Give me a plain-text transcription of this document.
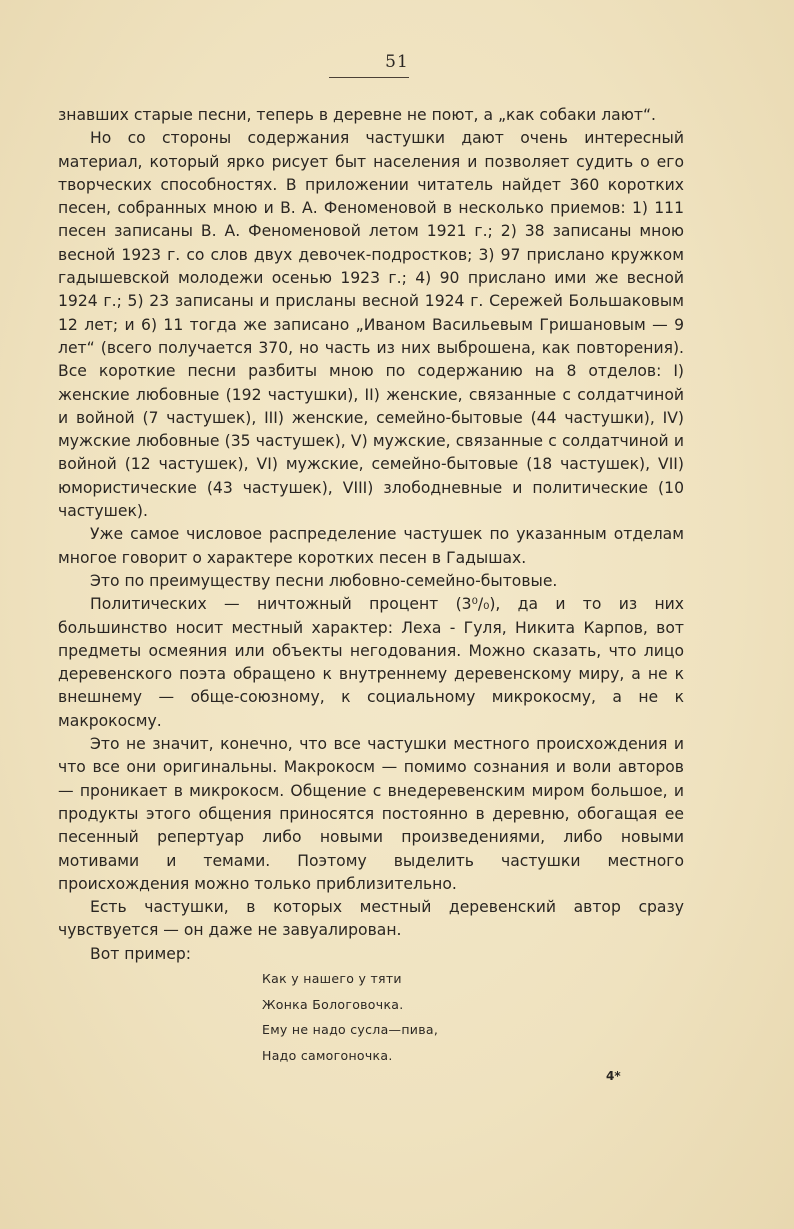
51

знавших старые песни, теперь в деревне не поют, а „как собаки лают“.

Но со стороны содержания частушки дают очень интересный материал, который ярко рисует быт населения и позволяет судить о его творческих способностях. В приложении читатель найдет 360 коротких песен, собранных мною и В. А. Феноменовой в несколько приемов: 1) 111 песен записаны В. А. Феноменовой летом 1921 г.; 2) 38 записаны мною весной 1923 г. со слов двух девочек-подростков; 3) 97 прислано кружком гадышевской молодежи осенью 1923 г.; 4) 90 прислано ими же весной 1924 г.; 5) 23 записаны и присланы весной 1924 г. Сережей Большаковым 12 лет; и 6) 11 тогда же записано „Иваном Васильевым Гришановым — 9 лет“ (всего получается 370, но часть из них выброшена, как повторения). Все короткие песни разбиты мною по содержанию на 8 отделов: I) женские любовные (192 частушки), II) женские, связанные с солдатчиной и войной (7 частушек), III) женские, семейно-бытовые (44 частушки), IV) мужские любовные (35 частушек), V) мужские, связанные с солдатчиной и войной (12 частушек), VI) мужские, семейно-бытовые (18 частушек), VII) юмористические (43 частушек), VIII) злободневные и политические (10 частушек).

Уже самое числовое распределение частушек по указанным отделам многое говорит о характере коротких песен в Гадышах.

Это по преимуществу песни любовно-семейно-бытовые.

Политических — ничтожный процент (3⁰/₀), да и то из них большинство носит местный характер: Леха - Гуля, Никита Карпов, вот предметы осмеяния или объекты негодования. Можно сказать, что лицо деревенского поэта обращено к внутреннему деревенскому миру, а не к внешнему — обще-союзному, к социальному микрокосму, а не к макрокосму.

Это не значит, конечно, что все частушки местного происхождения и что все они оригинальны. Макрокосм — помимо сознания и воли авторов — проникает в микрокосм. Общение с внедеревенским миром большое, и продукты этого общения приносятся постоянно в деревню, обогащая ее песенный репертуар либо новыми произведениями, либо новыми мотивами и темами. Поэтому выделить частушки местного происхождения можно только приблизительно.

Есть частушки, в которых местный деревенский автор сразу чувствуется — он даже не завуалирован.

Вот пример:

Как у нашего у тяти
Жонка Бологовочка.
Ему не надо сусла—пива,
Надо самогоночка.
4*
